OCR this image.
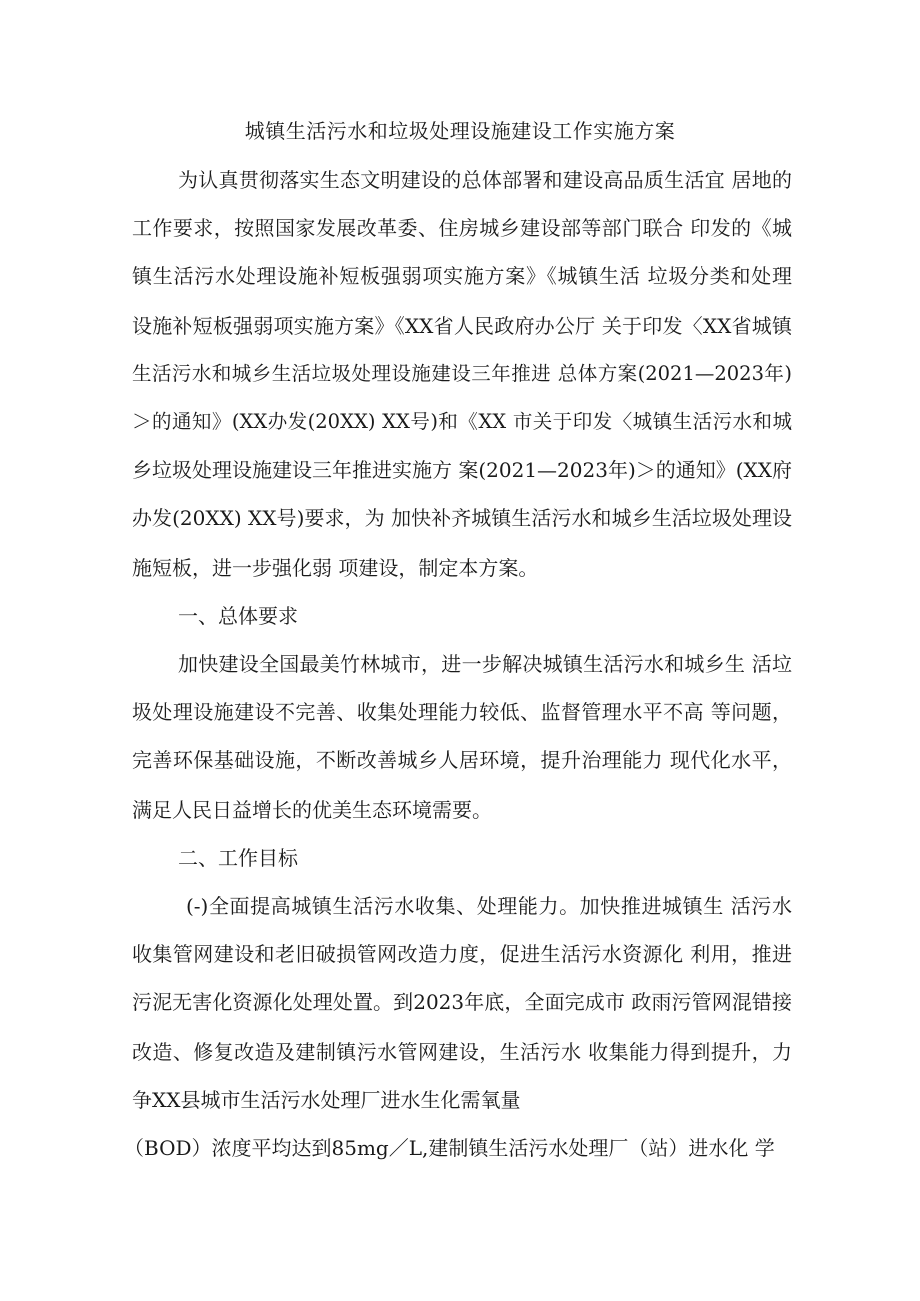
城镇生活污水和垃圾处理设施建设工作实施方案
为认真贯彻落实生态文明建设的总体部署和建设高品质生活宜 居地的
工作要求，按照国家发展改革委、住房城乡建设部等部门联合 印发的《城
镇生活污水处理设施补短板强弱项实施方案》《城镇生活 垃圾分类和处理
设施补短板强弱项实施方案》《XX省人民政府办公厅 关于印发〈XX省城镇
生活污水和城乡生活垃圾处理设施建设三年推进 总体方案(2021—2023年)
＞的通知》(XX办发(20XX) XX号)和《XX 市关于印发〈城镇生活污水和城
乡垃圾处理设施建设三年推进实施方 案(2021—2023年)＞的通知》(XX府
办发(20XX) XX号)要求，为 加快补齐城镇生活污水和城乡生活垃圾处理设
施短板，进一步强化弱 项建设，制定本方案。
一、总体要求
加快建设全国最美竹林城市，进一步解决城镇生活污水和城乡生 活垃
圾处理设施建设不完善、收集处理能力较低、监督管理水平不高 等问题，
完善环保基础设施，不断改善城乡人居环境，提升治理能力 现代化水平，
满足人民日益增长的优美生态环境需要。
二、工作目标
(-)全面提高城镇生活污水收集、处理能力。加快推进城镇生 活污水
收集管网建设和老旧破损管网改造力度，促进生活污水资源化 利用，推进
污泥无害化资源化处理处置。到2023年底，全面完成市 政雨污管网混错接
改造、修复改造及建制镇污水管网建设，生活污水 收集能力得到提升，力
争XX县城市生活污水处理厂进水生化需氧量
（BOD）浓度平均达到85mg／L,建制镇生活污水处理厂（站）进水化 学
